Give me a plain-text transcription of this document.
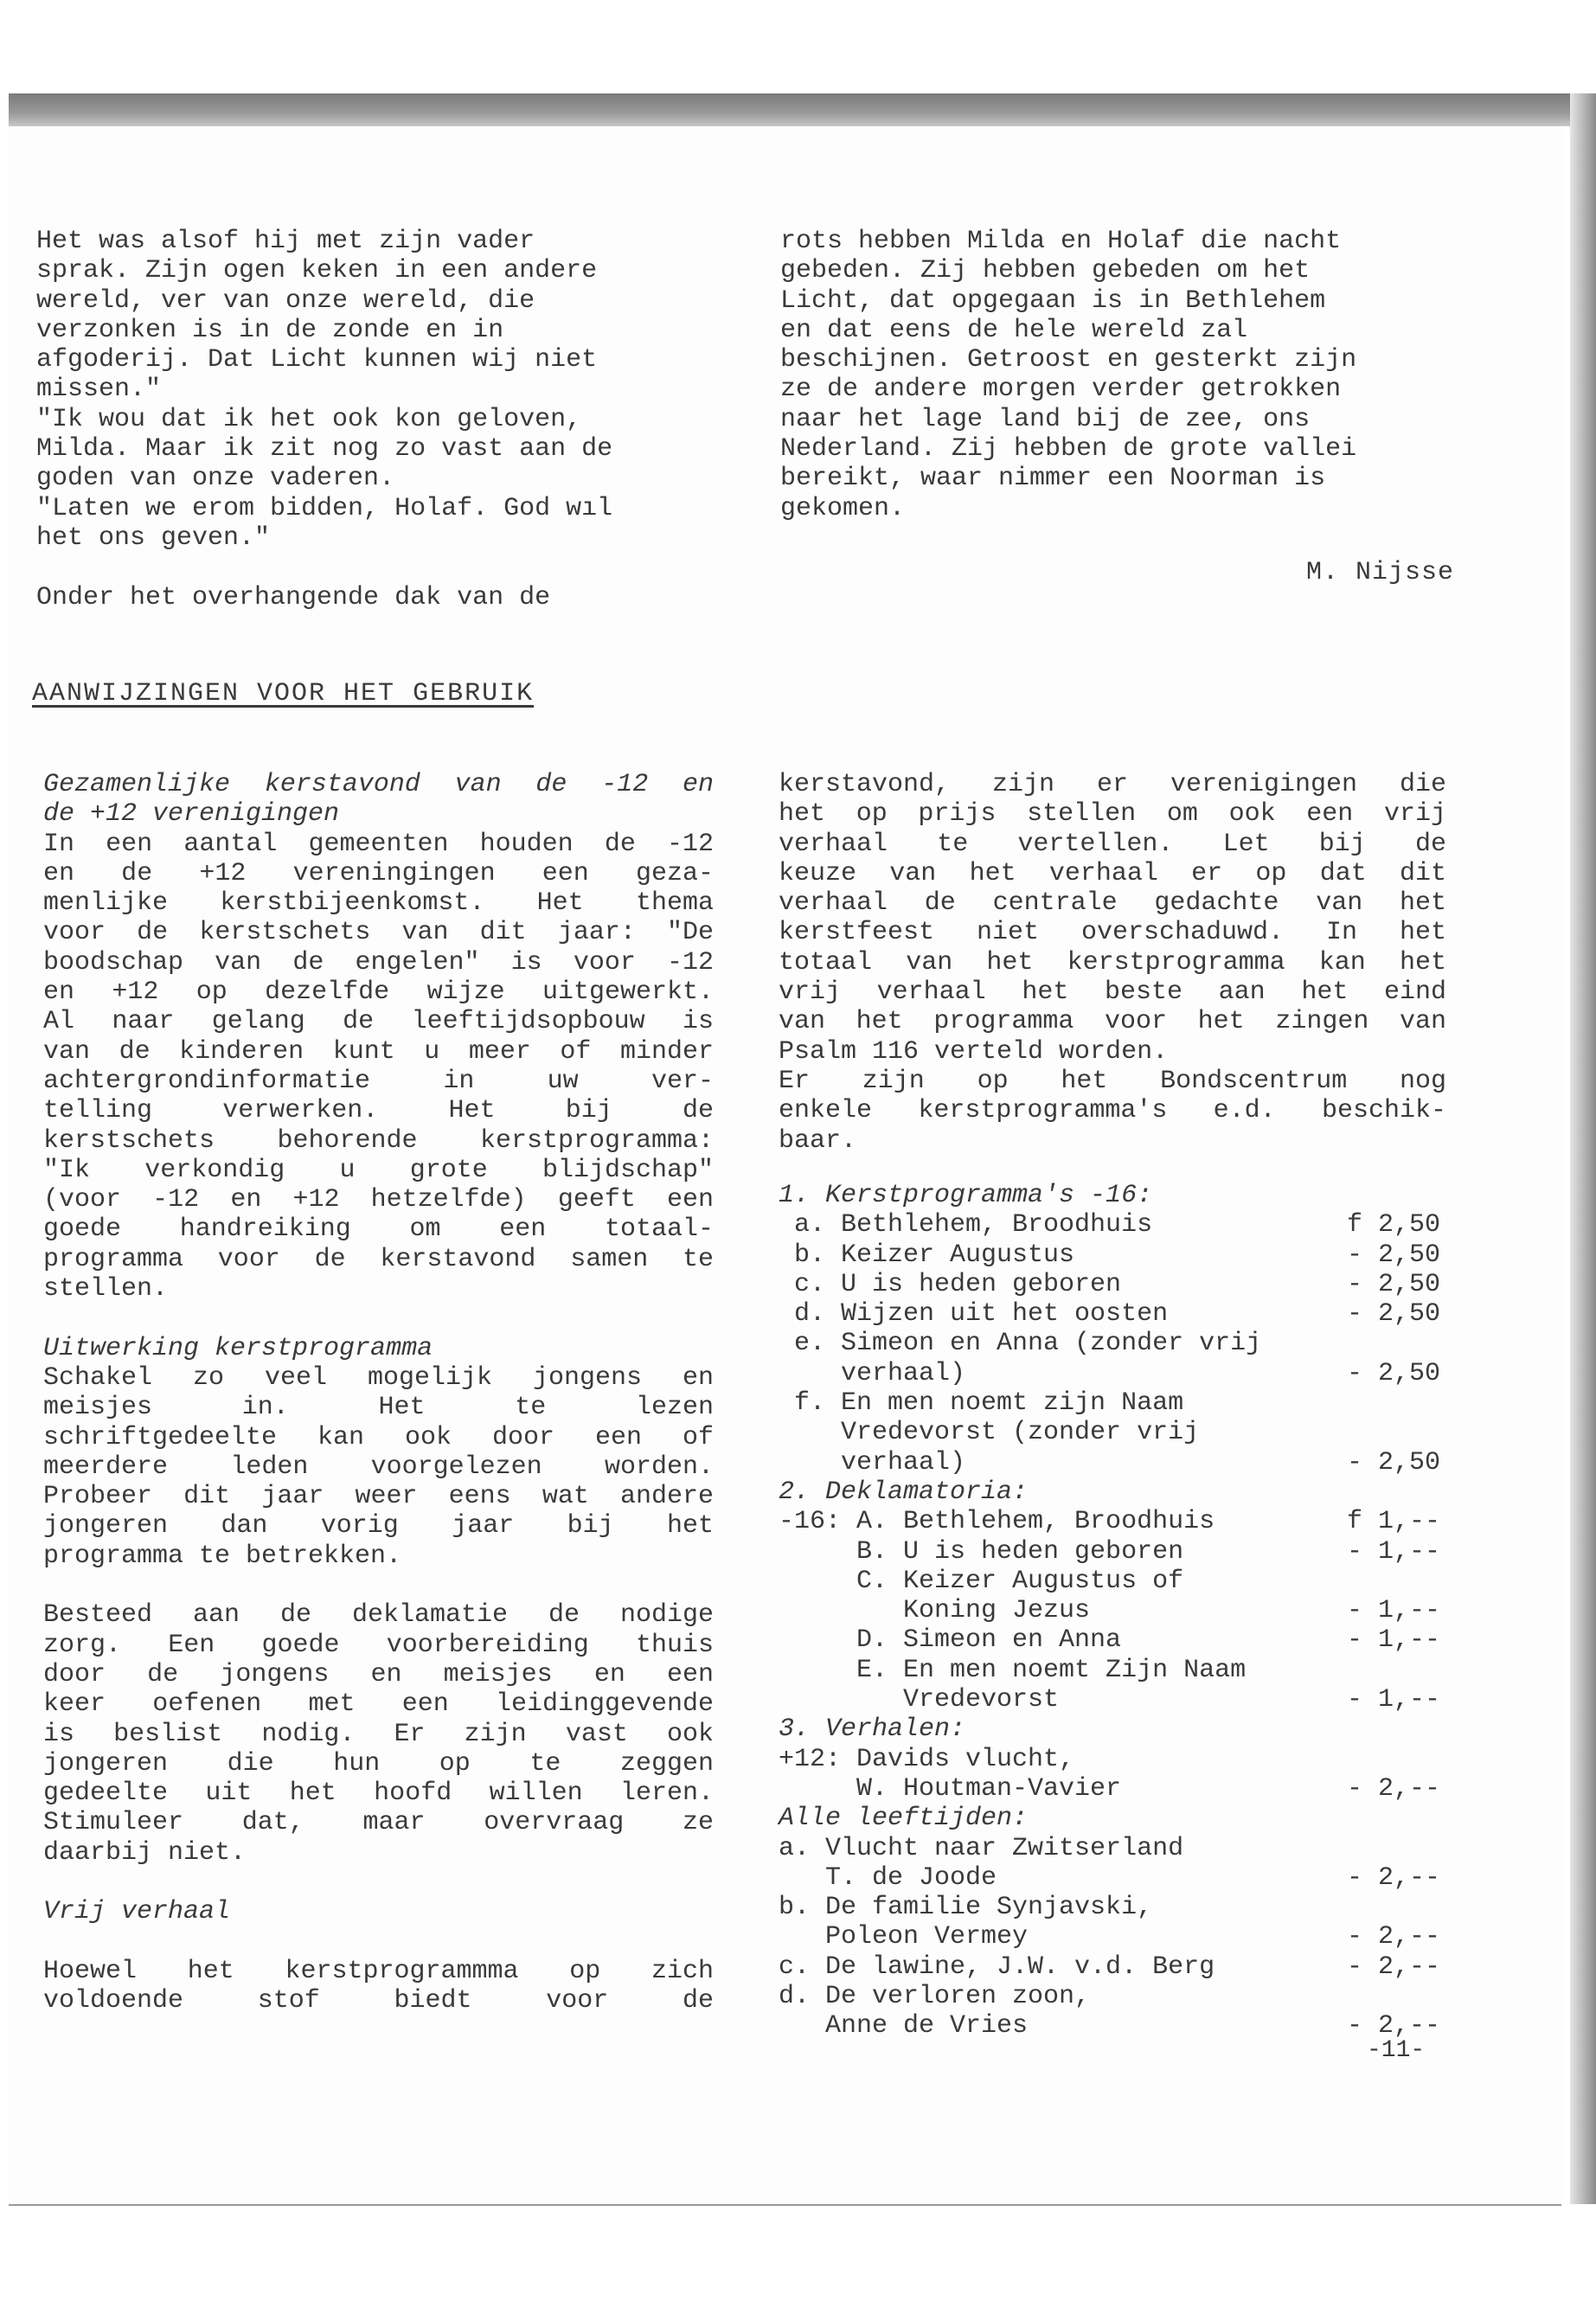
Het was alsof hij met zijn vader
sprak. Zijn ogen keken in een andere
wereld, ver van onze wereld, die
verzonken is in de zonde en in
afgoderij. Dat Licht kunnen wij niet
missen."
"Ik wou dat ik het ook kon geloven,
Milda. Maar ik zit nog zo vast aan de
goden van onze vaderen.
"Laten we erom bidden, Holaf. God wıl
het ons geven."
Onder het overhangende dak van de
rots hebben Milda en Holaf die nacht
gebeden. Zij hebben gebeden om het
Licht, dat opgegaan is in Bethlehem
en dat eens de hele wereld zal
beschijnen. Getroost en gesterkt zijn
ze de andere morgen verder getrokken
naar het lage land bij de zee, ons
Nederland. Zij hebben de grote vallei
bereikt, waar nimmer een Noorman is
gekomen.
M. Nijsse
AANWIJZINGEN VOOR HET GEBRUIK
Gezamenlijke kerstavond van de -12 en
de +12 verenigingen
In een aantal gemeenten houden de -12
en de +12 vereningingen een geza-
menlijke kerstbijeenkomst. Het thema
voor de kerstschets van dit jaar: "De
boodschap van de engelen" is voor -12
en +12 op dezelfde wijze uitgewerkt.
Al naar gelang de leeftijdsopbouw is
van de kinderen kunt u meer of minder
achtergrondinformatie in uw ver-
telling verwerken. Het bij de
kerstschets behorende kerstprogramma:
"Ik verkondig u grote blijdschap"
(voor -12 en +12 hetzelfde) geeft een
goede handreiking om een totaal-
programma voor de kerstavond samen te
stellen.
Uitwerking kerstprogramma
Schakel zo veel mogelijk jongens en
meisjes in. Het te lezen
schriftgedeelte kan ook door een of
meerdere leden voorgelezen worden.
Probeer dit jaar weer eens wat andere
jongeren dan vorig jaar bij het
programma te betrekken.
Besteed aan de deklamatie de nodige
zorg. Een goede voorbereiding thuis
door de jongens en meisjes en een
keer oefenen met een leidinggevende
is beslist nodig. Er zijn vast ook
jongeren die hun op te zeggen
gedeelte uit het hoofd willen leren.
Stimuleer dat, maar overvraag ze
daarbij niet.
Vrij verhaal
Hoewel het kerstprogrammma op zich
voldoende stof biedt voor de
kerstavond, zijn er verenigingen die
het op prijs stellen om ook een vrij
verhaal te vertellen. Let bij de
keuze van het verhaal er op dat dit
verhaal de centrale gedachte van het
kerstfeest niet overschaduwd. In het
totaal van het kerstprogramma kan het
vrij verhaal het beste aan het eind
van het programma voor het zingen van
Psalm 116 verteld worden.
Er zijn op het Bondscentrum nog
enkele kerstprogramma's e.d. beschik-
baar.
1. Kerstprogramma's -16:
a. Bethlehem, Broodhuis	f 2,50
b. Keizer Augustus	- 2,50
c. U is heden geboren	- 2,50
d. Wijzen uit het oosten	- 2,50
e. Simeon en Anna (zonder vrij
verhaal)	- 2,50
f. En men noemt zijn Naam
Vredevorst (zonder vrij
verhaal)	- 2,50
2. Deklamatoria:
-16: A. Bethlehem, Broodhuis	f 1,--
B. U is heden geboren	- 1,--
C. Keizer Augustus of
Koning Jezus	- 1,--
D. Simeon en Anna	- 1,--
E. En men noemt Zijn Naam
Vredevorst	- 1,--
3. Verhalen:
+12: Davids vlucht,
W. Houtman-Vavier	- 2,--
Alle leeftijden:
a. Vlucht naar Zwitserland
T. de Joode	- 2,--
b. De familie Synjavski,
Poleon Vermey	- 2,--
c. De lawine, J.W. v.d. Berg	- 2,--
d. De verloren zoon,
Anne de Vries	- 2,--
-11-
